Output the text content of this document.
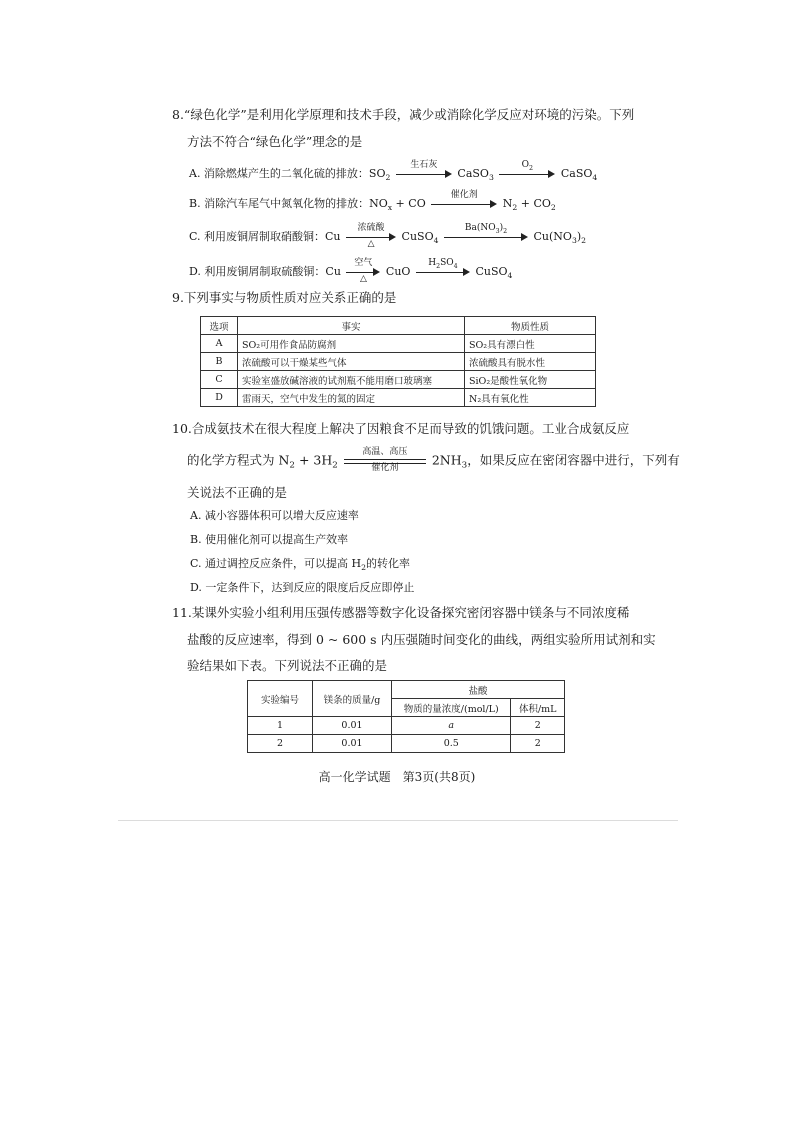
8.“绿色化学”是利用化学原理和技术手段，减少或消除化学反应对环境的污染。下列
方法不符合“绿色化学”理念的是
A. 消除燃煤产生的二氧化硫的排放：$SO_2$
生石灰
CaSO$_3$
$O_2$	CaSO$_4$
B. 消除汽车尾气中氮氧化物的排放：$NO_x$ + CO
催化剂
$N_2 + CO_2$
C. 利用废铜屑制取硝酸铜：Cu
浓硫酸
△
CuSO$_4$
$Ba(NO_3)_2$	$Cu(NO_3)_2$
D. 利用废铜屑制取硫酸铜：Cu
空气
△
CuO
$H_2SO_4$	CuSO$_4$
9.下列事实与物质性质对应关系正确的是
选项	事实	物质性质
A	SO₂可用作食品防腐剂	SO₂具有漂白性
B	浓硫酸可以干燥某些气体	浓硫酸具有脱水性
C	实验室盛放碱溶液的试剂瓶不能用磨口玻璃塞	SiO₂是酸性氧化物
D	雷雨天，空气中发生的氮的固定	N₂具有氧化性
10.合成氨技术在很大程度上解决了因粮食不足而导致的饥饿问题。工业合成氨反应
的化学方程式为 $N_2 + 3H_2$
高温、高压
催化剂
$2NH_3$，如果反应在密闭容器中进行，下列有
关说法不正确的是
A. 减小容器体积可以增大反应速率
B. 使用催化剂可以提高生产效率
C. 通过调控反应条件，可以提高 $H_2$的转化率
D. 一定条件下，达到反应的限度后反应即停止
11.某课外实验小组利用压强传感器等数字化设备探究密闭容器中镁条与不同浓度稀
盐酸的反应速率，得到 0 ~ 600 s 内压强随时间变化的曲线，两组实验所用试剂和实
验结果如下表。下列说法不正确的是
实验编号	镁条的质量/g	盐酸	
		物质的量浓度/(mol/L)	体积/mL
1	0.01	a	2
2	0.01	0.5	2
高一化学试题　第3页(共8页)
